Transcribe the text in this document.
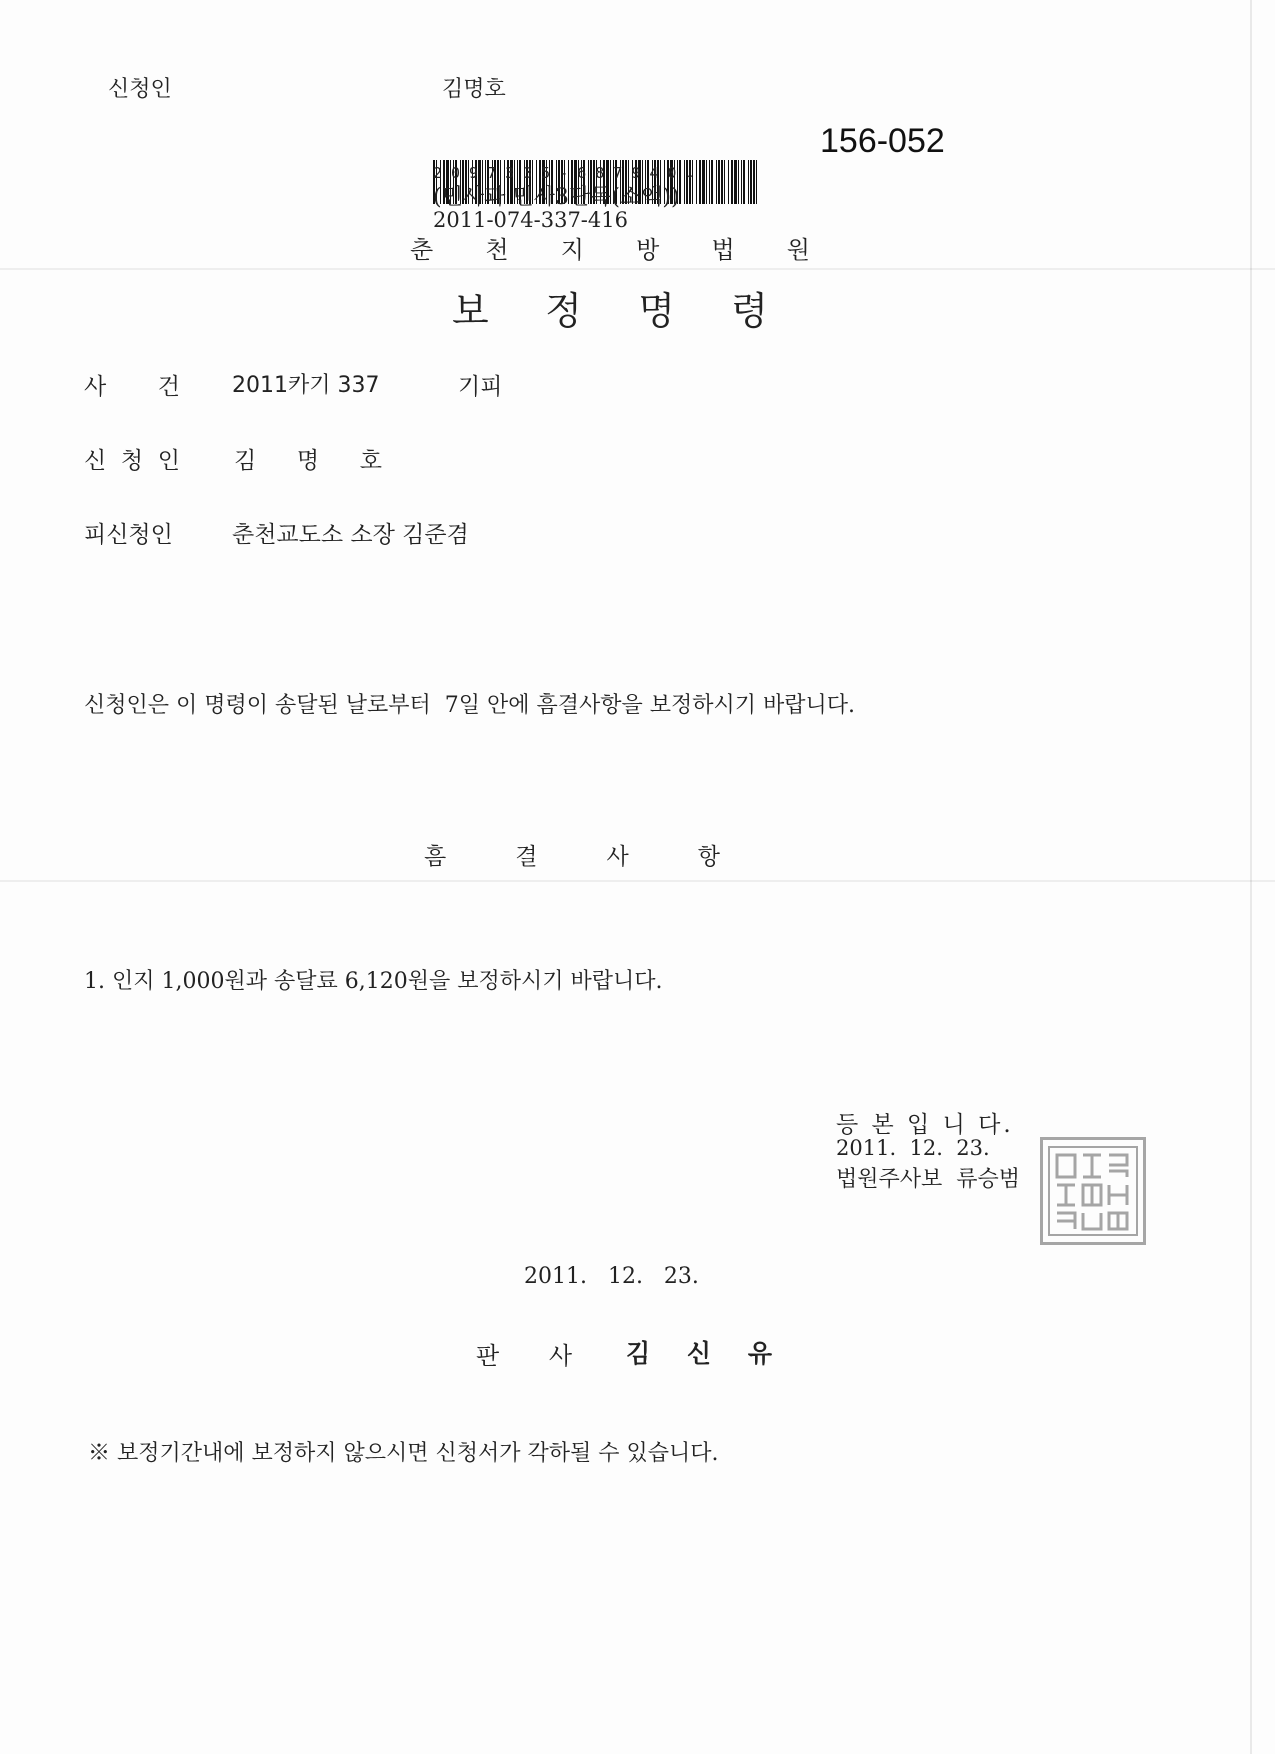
신청인	김명호

2097335-687940↓
156-052
(민사과 민사3단독(소액))
2011-074-337-416
춘 천 지 방 법 원
보 정 명 령
사 건 2011카기 337	기피
신 청 인 김 명 호
피신청인	춘천교도소 소장 김준겸
신청인은 이 명령이 송달된 날로부터  7일 안에 흠결사항을 보정하시기 바랍니다.
흠	결	사	항
1. 인지 1,000원과 송달료 6,120원을 보정하시기 바랍니다.
등 본 입 니 다.
2011.  12.  23.
법원주사보  류승범
2011.   12.   23.
판 사 김 신 유
※ 보정기간내에 보정하지 않으시면 신청서가 각하될 수 있습니다.
